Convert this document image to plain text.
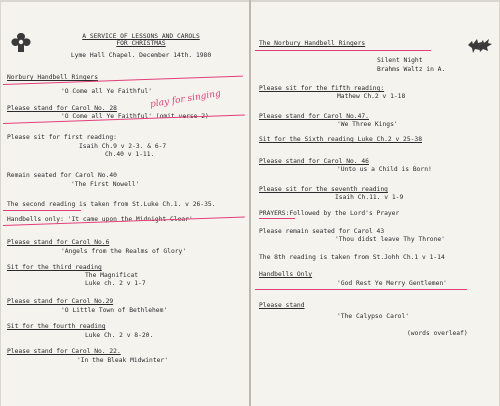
A SERVICE OF LESSONS AND CAROLS
FOR CHRISTMAS
Lyme Hall Chapel. December 14th. 1980
Norbury Handbell Ringers
'O Come all Ye Faithful'
Please stand for Carol No. 28	play for singing
'O Come all Ye Faithful' (omit verse 2)
Please sit for first reading:
Isaih Ch.9 v 2-3. & 6-7
Ch.40 v 1-11.
Remain seated for Carol No.40
'The First Nowell'
The second reading is taken from St.Luke Ch.1. v 26-35.
Handbells only: 'It came upon the Midnight Clear'
Please stand for Carol No.6
'Angels from the Realms of Glory'
Sit for the third reading
The Magnificat
Luke ch. 2 v 1-7
Please stand for Carol No.29
'O Little Town of Bethlehem'
Sit for the fourth reading
Luke Ch. 2 v 8-20.
Please stand for Carol No. 22.
'In the Bleak Midwinter'
The Norbury Handbell Ringers
Silent Night
Brahms Waltz in A.
Please sit for the fifth reading:
Mathew Ch.2 v 1-18
Please stand for Carol No.47.
'We Three Kings'
Sit for the Sixth reading Luke Ch.2 v 25-38
Please stand for Carol No. 46
'Unto us a Child is Born!
Please sit for the seventh reading
Isaih Ch.11. v 1-9
PRAYERS:Followed by the Lord's Prayer
Please remain seated for Carol 43
'Thou didst leave Thy Throne'
The 8th reading is taken from St.Johh Ch.1 v 1-14
Handbells Only
'God Rest Ye Merry Gentlemen'
Please stand
'The Calypso Carol'
(words overleaf)
